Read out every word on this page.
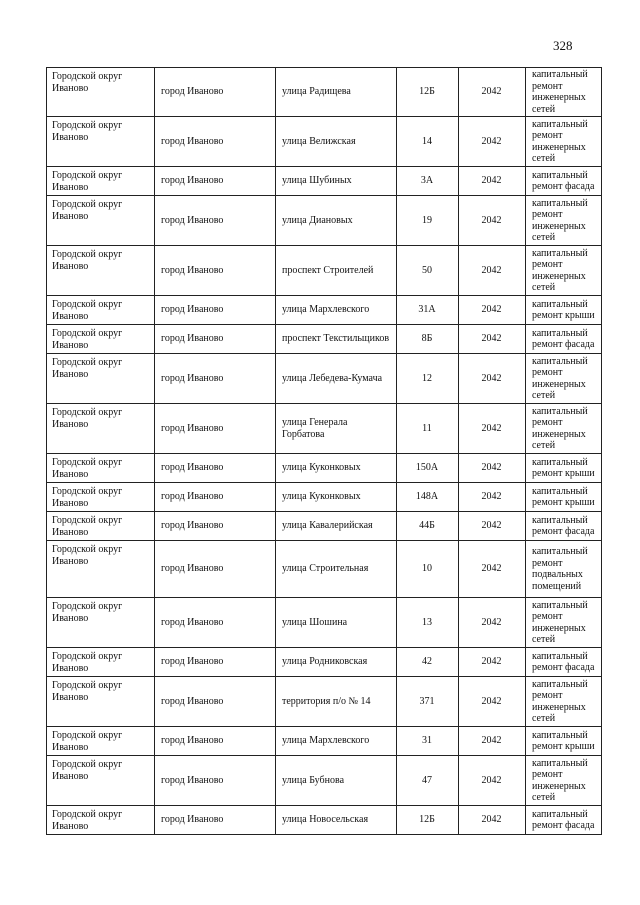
328
Городской округ Иваново	город Иваново	улица Радищева	12Б	2042	капитальный ремонт инженерных сетей
Городской округ Иваново	город Иваново	улица Велижская	14	2042	капитальный ремонт инженерных сетей
Городской округ Иваново	город Иваново	улица Шубиных	3А	2042	капитальный ремонт фасада
Городской округ Иваново	город Иваново	улица Диановых	19	2042	капитальный ремонт инженерных сетей
Городской округ Иваново	город Иваново	проспект Строителей	50	2042	капитальный ремонт инженерных сетей
Городской округ Иваново	город Иваново	улица Мархлевского	31А	2042	капитальный ремонт крыши
Городской округ Иваново	город Иваново	проспект Текстильщиков	8Б	2042	капитальный ремонт фасада
Городской округ Иваново	город Иваново	улица Лебедева-Кумача	12	2042	капитальный ремонт инженерных сетей
Городской округ Иваново	город Иваново	улица Генерала Горбатова	11	2042	капитальный ремонт инженерных сетей
Городской округ Иваново	город Иваново	улица Куконковых	150А	2042	капитальный ремонт крыши
Городской округ Иваново	город Иваново	улица Куконковых	148А	2042	капитальный ремонт крыши
Городской округ Иваново	город Иваново	улица Кавалерийская	44Б	2042	капитальный ремонт фасада
Городской округ Иваново	город Иваново	улица Строительная	10	2042	капитальный ремонт подвальных помещений
Городской округ Иваново	город Иваново	улица Шошина	13	2042	капитальный ремонт инженерных сетей
Городской округ Иваново	город Иваново	улица Родниковская	42	2042	капитальный ремонт фасада
Городской округ Иваново	город Иваново	территория п/о № 14	371	2042	капитальный ремонт инженерных сетей
Городской округ Иваново	город Иваново	улица Мархлевского	31	2042	капитальный ремонт крыши
Городской округ Иваново	город Иваново	улица Бубнова	47	2042	капитальный ремонт инженерных сетей
Городской округ Иваново	город Иваново	улица Новосельская	12Б	2042	капитальный ремонт фасада
